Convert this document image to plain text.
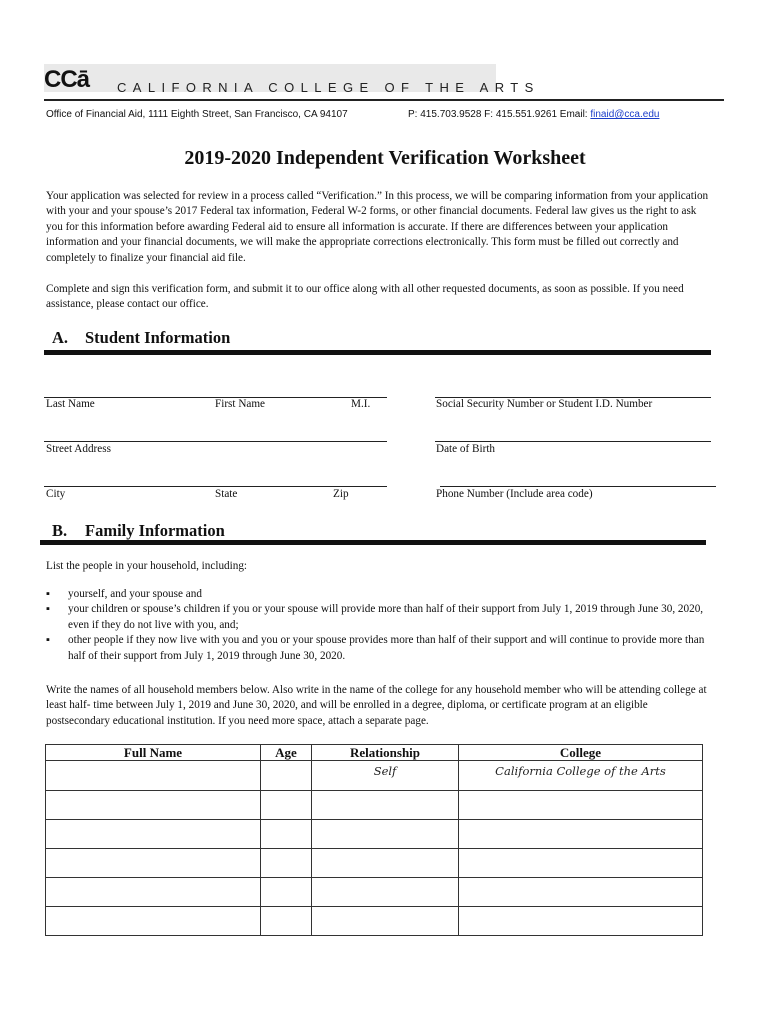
CCā CALIFORNIA COLLEGE OF THE ARTS
Office of Financial Aid, 1111 Eighth Street, San Francisco, CA 94107	P: 415.703.9528 F: 415.551.9261 Email: finaid@cca.edu
2019-2020 Independent Verification Worksheet

Your application was selected for review in a process called “Verification.” In this process, we will be comparing information from your application with your and your spouse’s 2017 Federal tax information, Federal W-2 forms, or other financial documents. Federal law gives us the right to ask you for this information before awarding Federal aid to ensure all information is accurate. If there are differences between your application information and your financial documents, we will make the appropriate corrections electronically. This form must be filled out correctly and completely to finalize your financial aid file.

Complete and sign this verification form, and submit it to our office along with all other requested documents, as soon as possible. If you need assistance, please contact our office.

A. Student Information
Last Name	First Name	M.I.	Social Security Number or Student I.D. Number
Street Address	Date of Birth
City	State	Zip	Phone Number (Include area code)
B. Family Information

List the people in your household, including:

▪ yourself, and your spouse and
▪ your children or spouse’s children if you or your spouse will provide more than half of their support from July 1, 2019 through June 30, 2020, even if they do not live with you, and;
▪ other people if they now live with you and you or your spouse provides more than half of their support and will continue to provide more than half of their support from July 1, 2019 through June 30, 2020.

Write the names of all household members below. Also write in the name of the college for any household member who will be attending college at least half- time between July 1, 2019 and June 30, 2020, and will be enrolled in a degree, diploma, or certificate program at an eligible postsecondary educational institution. If you need more space, attach a separate page.

Full Name	Age	Relationship	College

		Self	California College of the Arts
